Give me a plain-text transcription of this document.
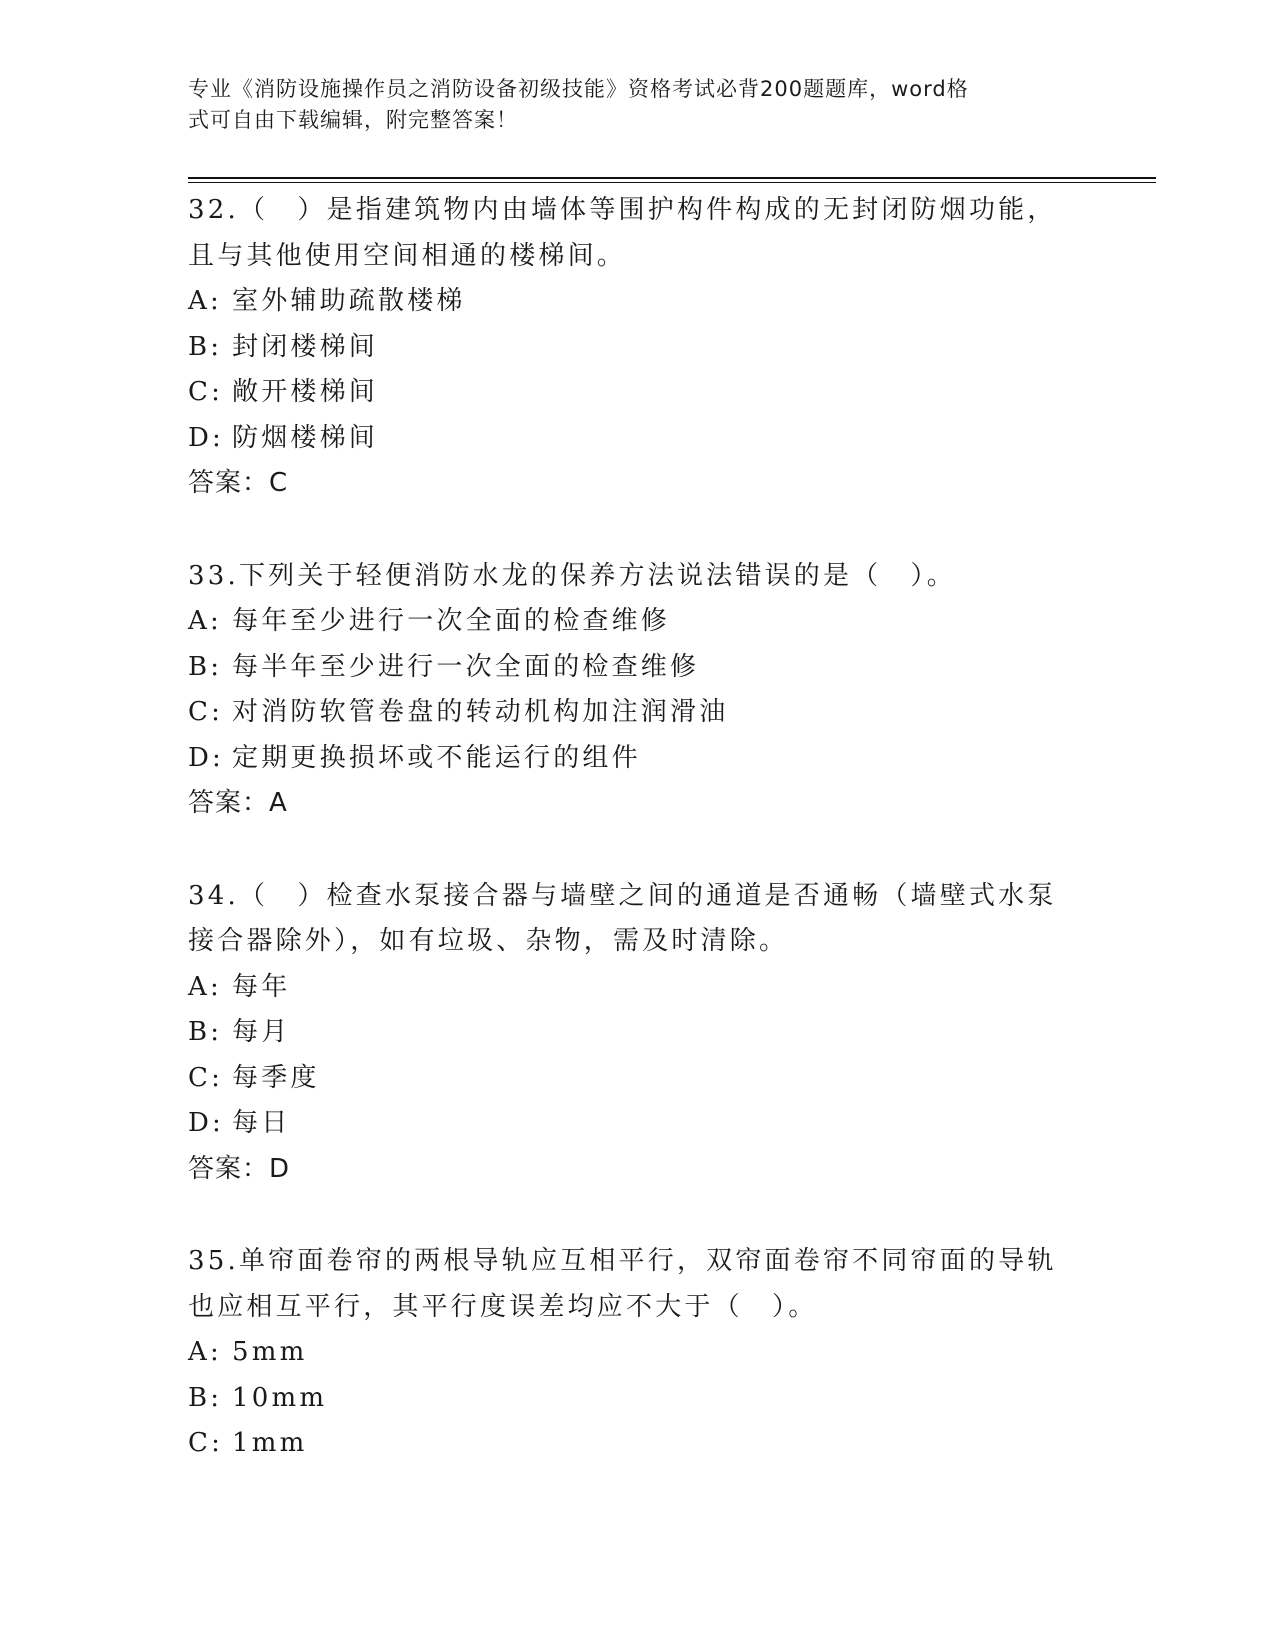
专业《消防设施操作员之消防设备初级技能》资格考试必背200题题库，word格
式可自由下载编辑，附完整答案！

32.（　）是指建筑物内由墙体等围护构件构成的无封闭防烟功能，且与其他使用空间相通的楼梯间。

A: 室外辅助疏散楼梯

B: 封闭楼梯间

C: 敞开楼梯间

D: 防烟楼梯间

答案：C

33.下列关于轻便消防水龙的保养方法说法错误的是（　）。

A: 每年至少进行一次全面的检查维修

B: 每半年至少进行一次全面的检查维修

C: 对消防软管卷盘的转动机构加注润滑油

D: 定期更换损坏或不能运行的组件

答案：A

34.（　）检查水泵接合器与墙壁之间的通道是否通畅（墙壁式水泵接合器除外），如有垃圾、杂物，需及时清除。

A: 每年

B: 每月

C: 每季度

D: 每日

答案：D

35.单帘面卷帘的两根导轨应互相平行，双帘面卷帘不同帘面的导轨也应相互平行，其平行度误差均应不大于（　）。

A: 5mm

B: 10mm

C: 1mm
